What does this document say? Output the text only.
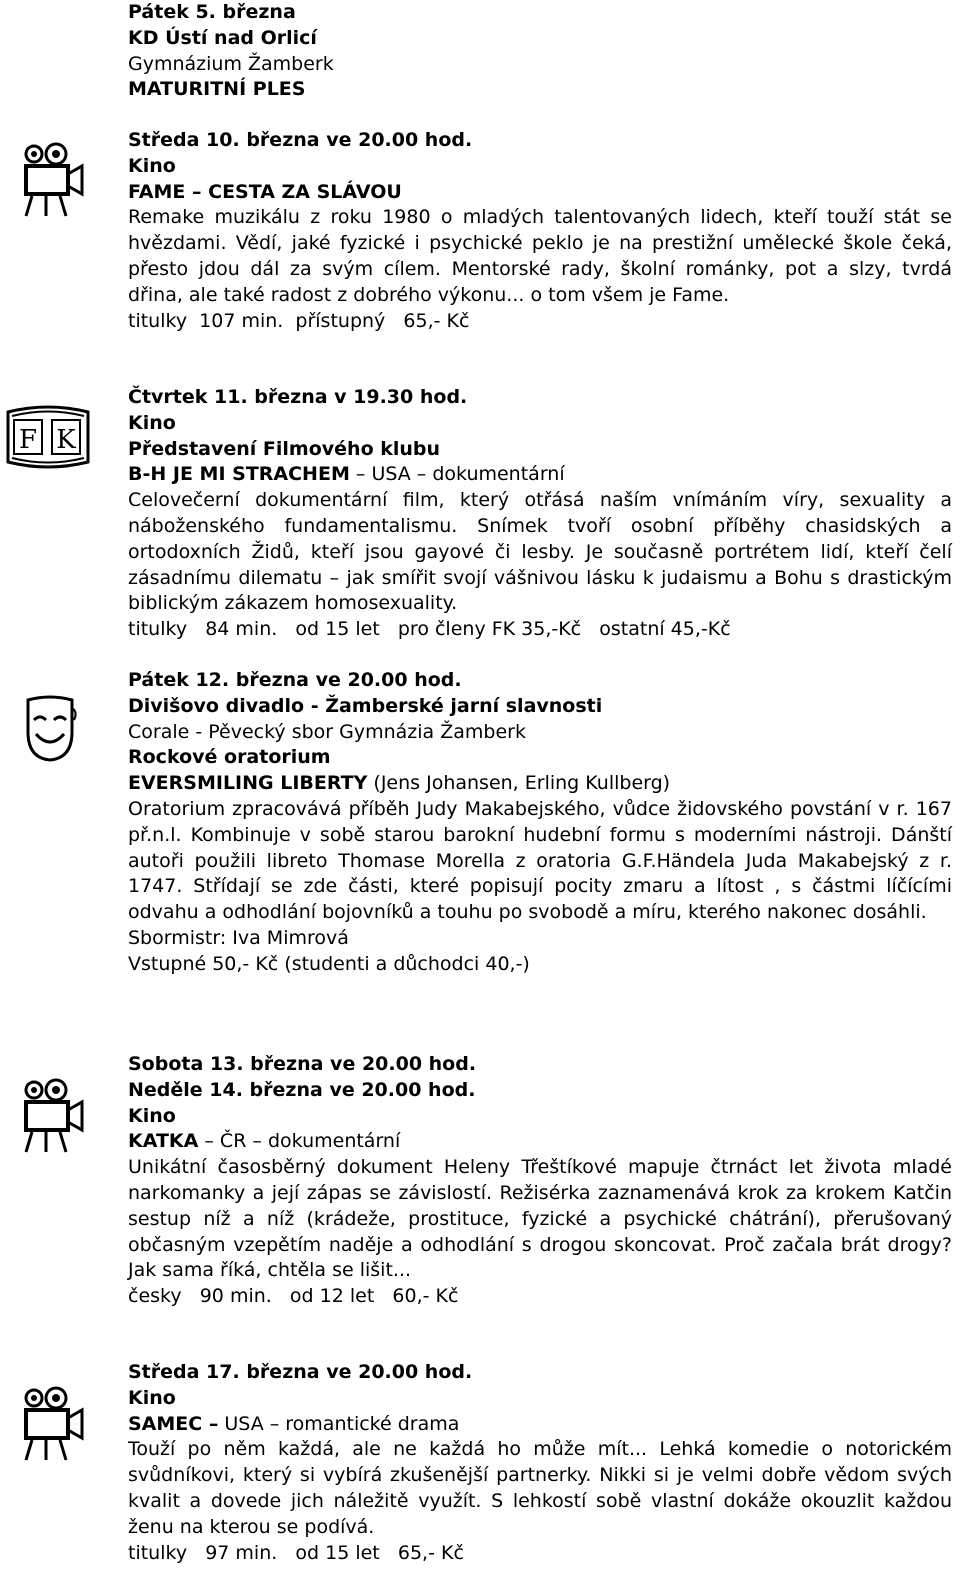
Pátek 5. března
KD Ústí nad Orlicí
Gymnázium Žamberk
MATURITNÍ PLES
Středa 10. března ve 20.00 hod.
Kino
FAME – CESTA ZA SLÁVOU
Remake muzikálu z roku 1980 o mladých talentovaných lidech, kteří touží stát se hvězdami. Vědí, jaké fyzické i psychické peklo je na prestižní umělecké škole čeká, přesto jdou dál za svým cílem. Mentorské rady, školní románky, pot a slzy, tvrdá dřina, ale také radost z dobrého výkonu... o tom všem je Fame.
titulky  107 min.  přístupný   65,- Kč
F K
Čtvrtek 11. března v 19.30 hod.
Kino
Představení Filmového klubu
B-H JE MI STRACHEM – USA – dokumentární
Celovečerní dokumentární film, který otřásá naším vnímáním víry, sexuality a náboženského fundamentalismu. Snímek tvoří osobní příběhy chasidských a ortodoxních Židů, kteří jsou gayové či lesby. Je současně portrétem lidí, kteří čelí zásadnímu dilematu – jak smířit svojí vášnivou lásku k judaismu a Bohu s drastickým biblickým zákazem homosexuality.
titulky   84 min.   od 15 let   pro členy FK 35,-Kč   ostatní 45,-Kč
Pátek 12. března ve 20.00 hod.
Divišovo divadlo - Žamberské jarní slavnosti
Corale - Pěvecký sbor Gymnázia Žamberk
Rockové oratorium
EVERSMILING LIBERTY (Jens Johansen, Erling Kullberg)
Oratorium zpracovává příběh Judy Makabejského, vůdce židovského povstání v r. 167 př.n.l. Kombinuje v sobě starou barokní hudební formu s moderními nástroji. Dánští autoři použili libreto Thomase Morella z oratoria G.F.Händela Juda Makabejský z r. 1747. Střídají se zde části, které popisují pocity zmaru a lítost , s částmi líčícími odvahu a odhodlání bojovníků a touhu po svobodě a míru, kterého nakonec dosáhli.
Sbormistr: Iva Mimrová
Vstupné 50,- Kč (studenti a důchodci 40,-)
Sobota 13. března ve 20.00 hod.
Neděle 14. března ve 20.00 hod.
Kino
KATKA – ČR – dokumentární
Unikátní časosběrný dokument Heleny Třeštíkové mapuje čtrnáct let života mladé narkomanky a její zápas se závislostí. Režisérka zaznamenává krok za krokem Katčin sestup níž a níž (krádeže, prostituce, fyzické a psychické chátrání), přerušovaný občasným vzepětím naděje a odhodlání s drogou skoncovat. Proč začala brát drogy? Jak sama říká, chtěla se lišit...
česky   90 min.   od 12 let   60,- Kč
Středa 17. března ve 20.00 hod.
Kino
SAMEC – USA – romantické drama
Touží po něm každá, ale ne každá ho může mít... Lehká komedie o notorickém svůdníkovi, který si vybírá zkušenější partnerky. Nikki si je velmi dobře vědom svých kvalit a dovede jich náležitě využít. S lehkostí sobě vlastní dokáže okouzlit každou ženu na kterou se podívá.
titulky   97 min.   od 15 let   65,- Kč
